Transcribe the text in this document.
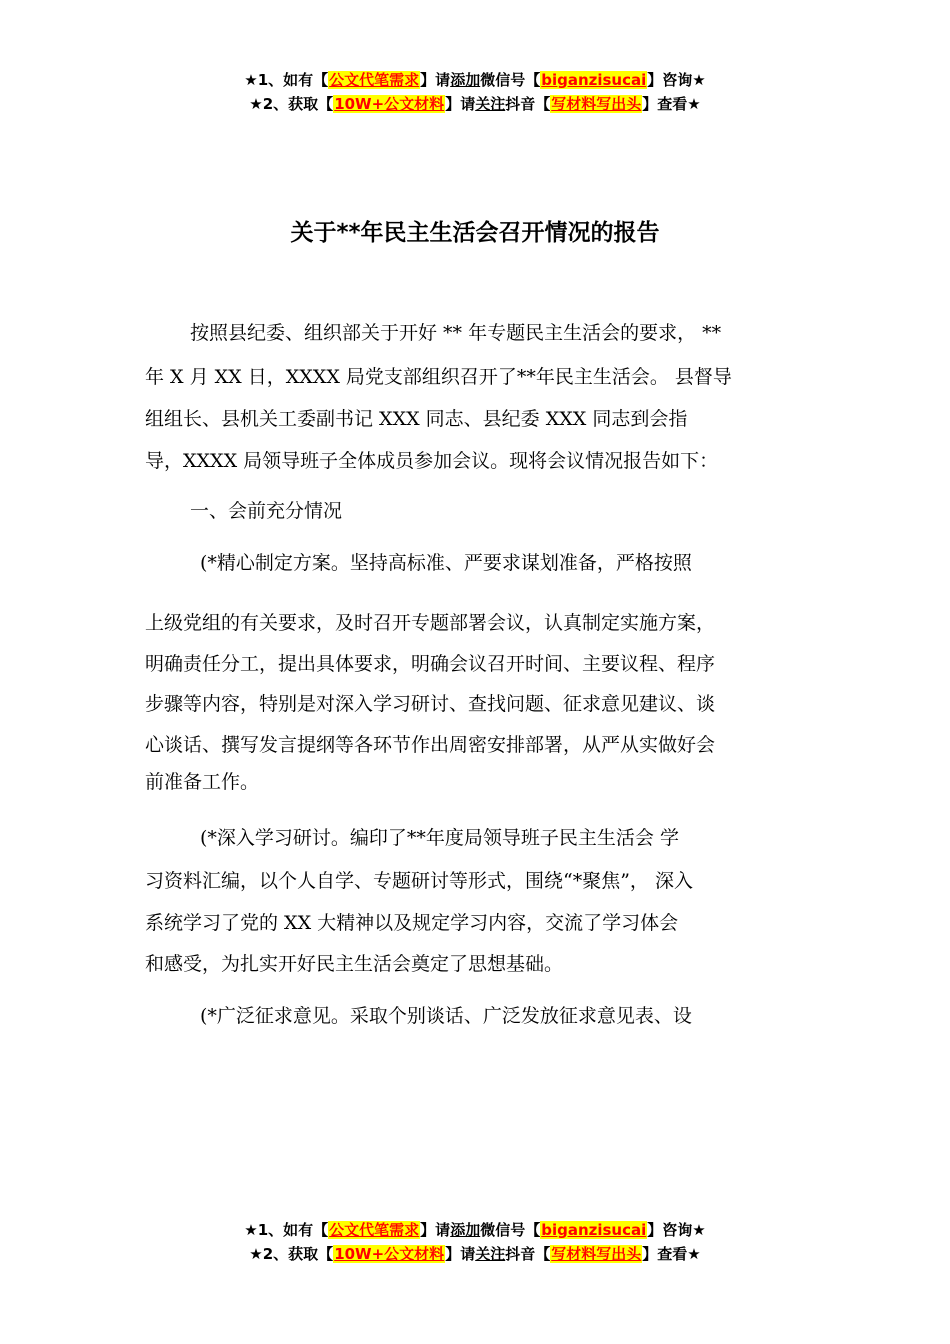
★1、如有【公文代笔需求】请添加微信号【biganzisucai】咨询★
★2、获取【10W+公文材料】请关注抖音【写材料写出头】查看★
关于**年民主生活会召开情况的报告
按照县纪委、组织部关于开好 ** 年专题民主生活会的要求， **
年 X 月 XX 日，XXXX 局党支部组织召开了**年民主生活会。 县督导
组组长、县机关工委副书记 XXX 同志、县纪委 XXX 同志到会指
导，XXXX 局领导班子全体成员参加会议。现将会议情况报告如下：
一、会前充分情况
(*精心制定方案。坚持高标准、严要求谋划准备，严格按照
上级党组的有关要求，及时召开专题部署会议，认真制定实施方案，
明确责任分工，提出具体要求，明确会议召开时间、主要议程、程序
步骤等内容，特别是对深入学习研讨、查找问题、征求意见建议、谈
心谈话、撰写发言提纲等各环节作出周密安排部署，从严从实做好会
前准备工作。
(*深入学习研讨。编印了**年度局领导班子民主生活会 学
习资料汇编，以个人自学、专题研讨等形式，围绕“*聚焦”， 深入
系统学习了党的 XX 大精神以及规定学习内容，交流了学习体会
和感受，为扎实开好民主生活会奠定了思想基础。
(*广泛征求意见。采取个别谈话、广泛发放征求意见表、设
★1、如有【公文代笔需求】请添加微信号【biganzisucai】咨询★
★2、获取【10W+公文材料】请关注抖音【写材料写出头】查看★
